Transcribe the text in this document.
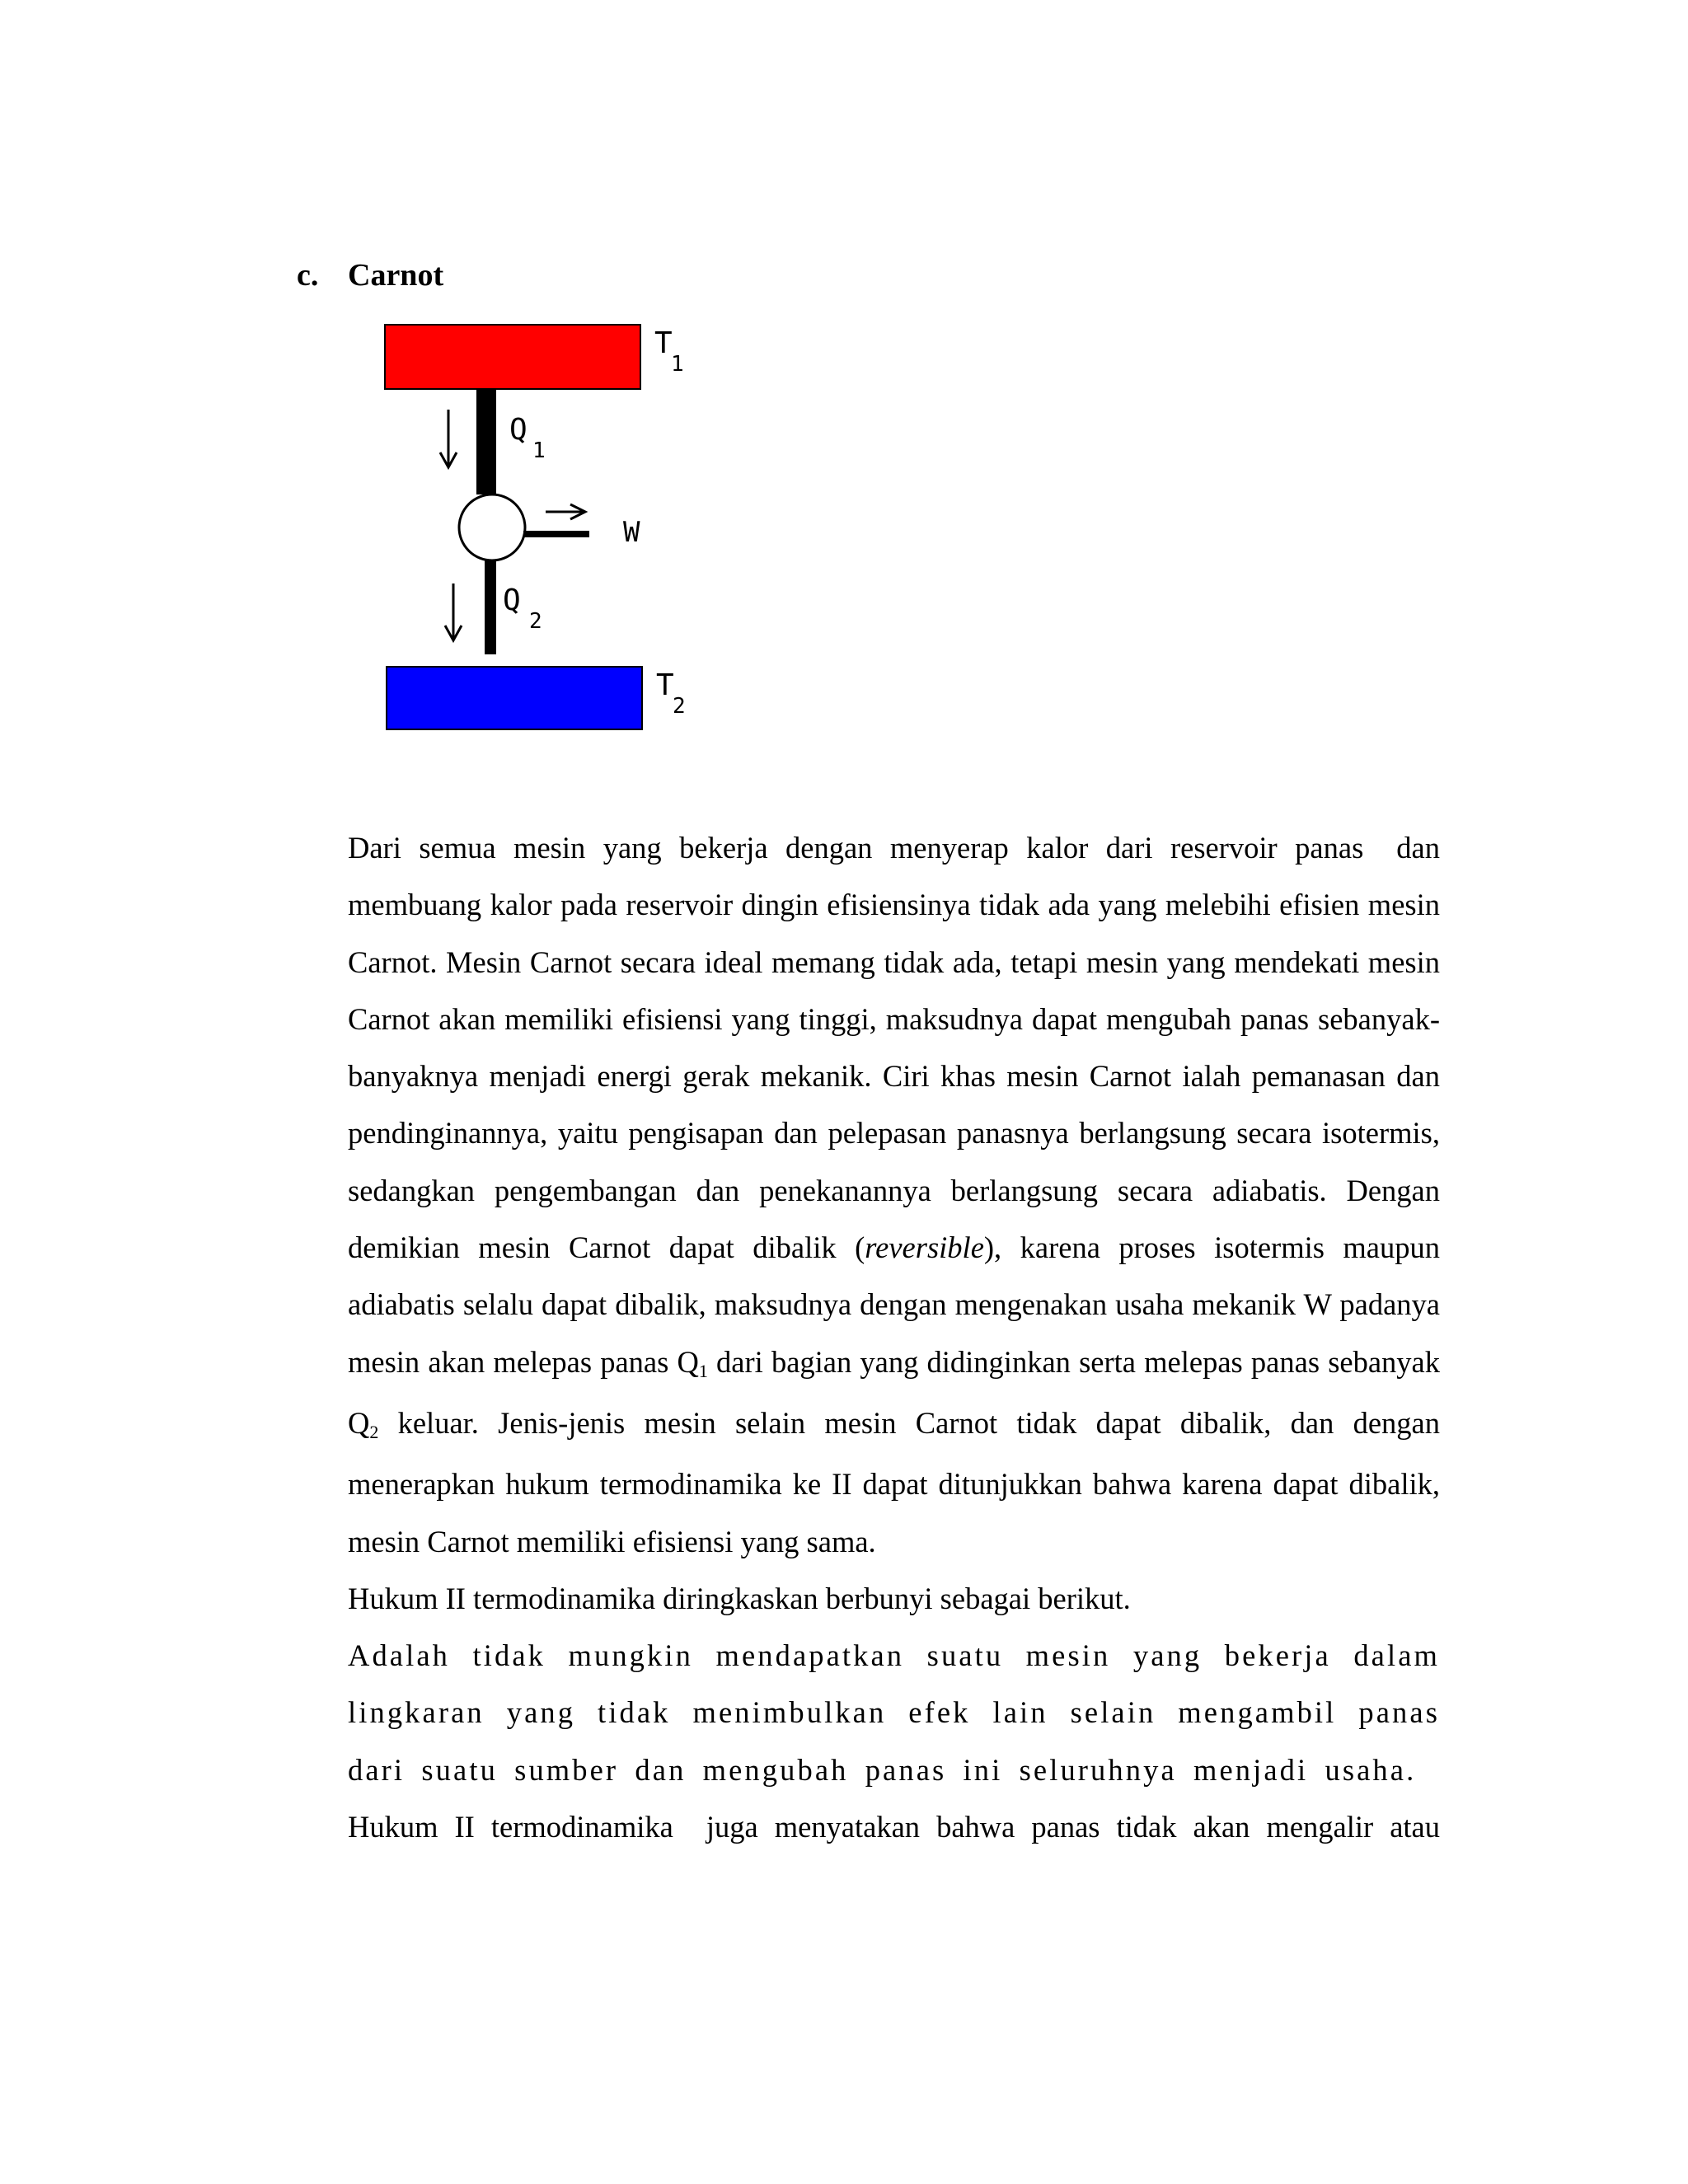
c. Carnot
T
1
Q
1
W
Q
2
T
2

Dari semua mesin yang bekerja dengan menyerap kalor dari reservoir panas dan

membuang kalor pada reservoir dingin efisiensinya tidak ada yang melebihi efisien mesin Carnot. Mesin Carnot secara ideal memang tidak ada, tetapi mesin yang mendekati mesin Carnot akan memiliki efisiensi yang tinggi, maksudnya dapat mengubah panas sebanyak- banyaknya menjadi energi gerak mekanik. Ciri khas mesin Carnot ialah pemanasan dan pendinginannya, yaitu pengisapan dan pelepasan panasnya berlangsung secara isotermis, sedangkan pengembangan dan penekanannya berlangsung secara adiabatis. Dengan demikian mesin Carnot dapat dibalik (reversible), karena proses isotermis maupun adiabatis selalu dapat dibalik, maksudnya dengan mengenakan usaha mekanik W padanya mesin akan melepas panas Q1 dari bagian yang didinginkan serta melepas panas sebanyak Q2 keluar. Jenis-jenis mesin selain mesin Carnot tidak dapat dibalik, dan dengan menerapkan hukum termodinamika ke II dapat ditunjukkan bahwa karena dapat dibalik, mesin Carnot memiliki efisiensi yang sama.

Hukum II termodinamika diringkaskan berbunyi sebagai berikut.

Adalah tidak mungkin mendapatkan suatu mesin yang bekerja dalam lingkaran yang tidak menimbulkan efek lain selain mengambil panas dari suatu sumber dan mengubah panas ini seluruhnya menjadi usaha.

Hukum II termodinamika juga menyatakan bahwa panas tidak akan mengalir atau
